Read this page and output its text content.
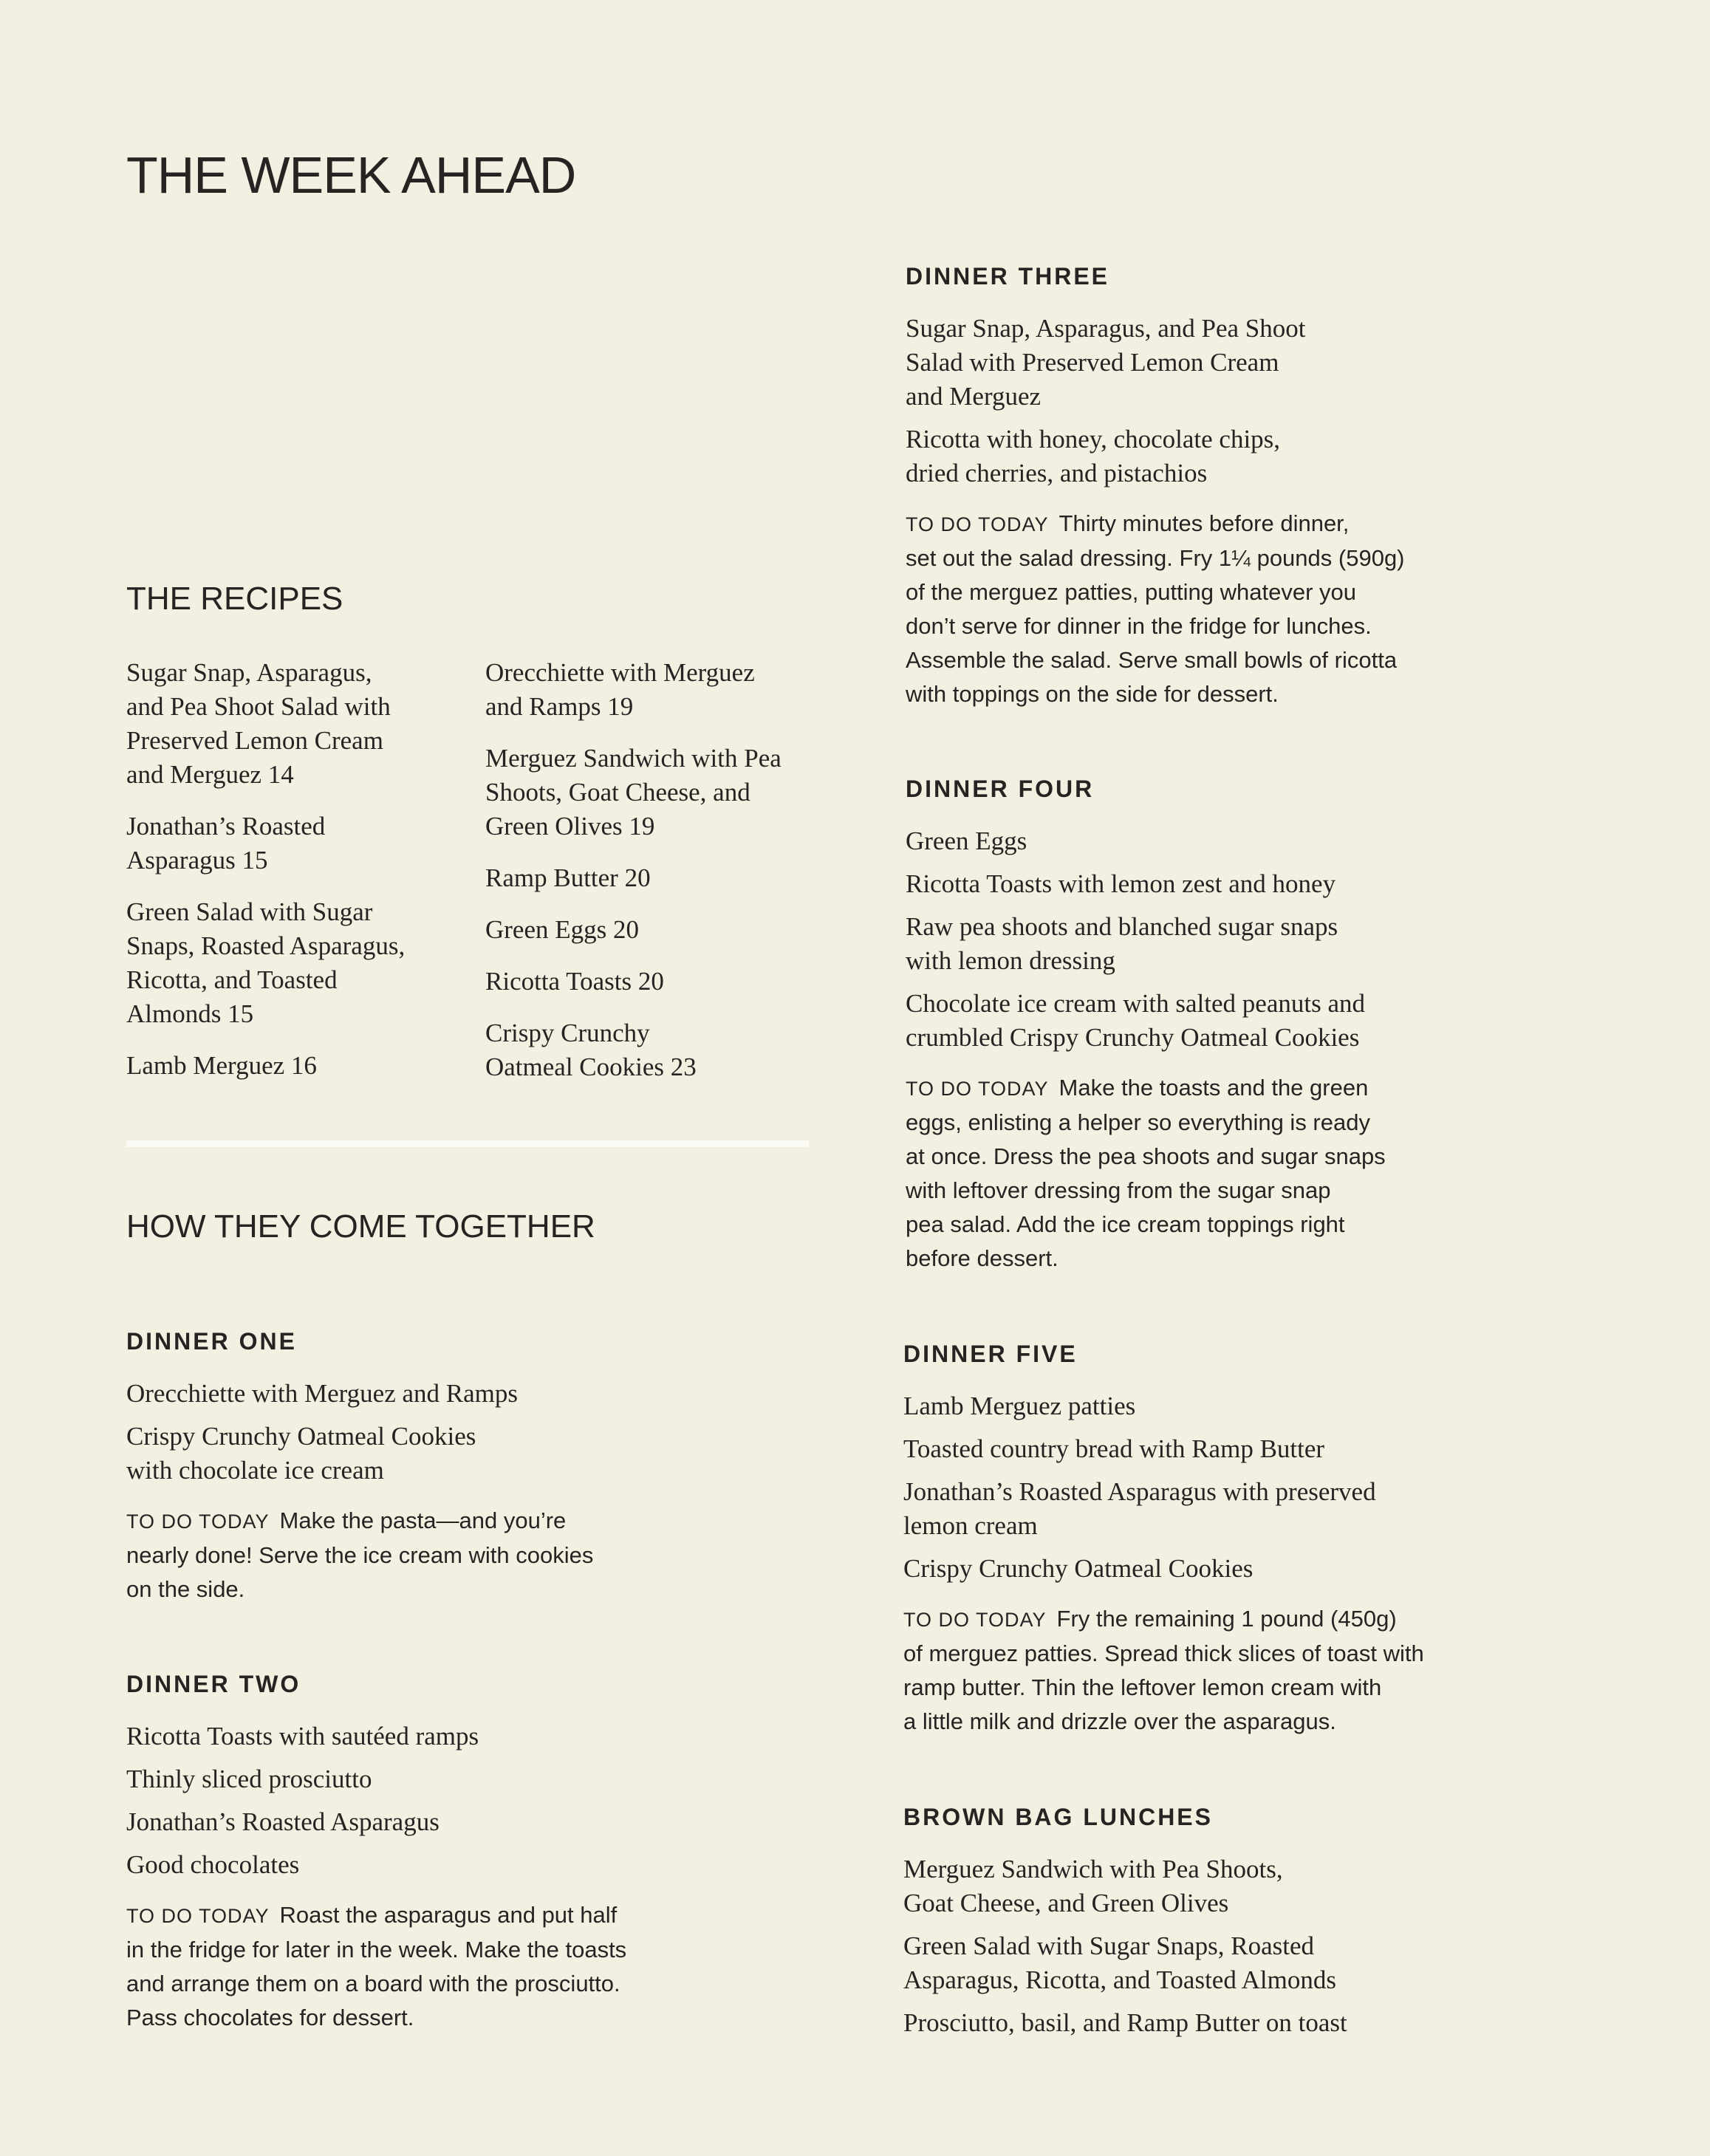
THE WEEK AHEAD
THE RECIPES
Sugar Snap, Asparagus,
and Pea Shoot Salad with
Preserved Lemon Cream
and Merguez 14
Jonathan’s Roasted
Asparagus 15
Green Salad with Sugar
Snaps, Roasted Asparagus,
Ricotta, and Toasted
Almonds 15
Lamb Merguez 16
Orecchiette with Merguez
and Ramps 19
Merguez Sandwich with Pea
Shoots, Goat Cheese, and
Green Olives 19
Ramp Butter 20
Green Eggs 20
Ricotta Toasts 20
Crispy Crunchy
Oatmeal Cookies 23
HOW THEY COME TOGETHER
DINNER ONE
Orecchiette with Merguez and Ramps
Crispy Crunchy Oatmeal Cookies
with chocolate ice cream
TO DO TODAY Make the pasta—and you’re
nearly done! Serve the ice cream with cookies
on the side.
DINNER TWO
Ricotta Toasts with sautéed ramps
Thinly sliced prosciutto
Jonathan’s Roasted Asparagus
Good chocolates
TO DO TODAY Roast the asparagus and put half
in the fridge for later in the week. Make the toasts
and arrange them on a board with the prosciutto.
Pass chocolates for dessert.
DINNER THREE
Sugar Snap, Asparagus, and Pea Shoot
Salad with Preserved Lemon Cream
and Merguez
Ricotta with honey, chocolate chips,
dried cherries, and pistachios
TO DO TODAY Thirty minutes before dinner,
set out the salad dressing. Fry 1¼ pounds (590g)
of the merguez patties, putting whatever you
don’t serve for dinner in the fridge for lunches.
Assemble the salad. Serve small bowls of ricotta
with toppings on the side for dessert.
DINNER FOUR
Green Eggs
Ricotta Toasts with lemon zest and honey
Raw pea shoots and blanched sugar snaps
with lemon dressing
Chocolate ice cream with salted peanuts and
crumbled Crispy Crunchy Oatmeal Cookies
TO DO TODAY Make the toasts and the green
eggs, enlisting a helper so everything is ready
at once. Dress the pea shoots and sugar snaps
with leftover dressing from the sugar snap
pea salad. Add the ice cream toppings right
before dessert.
DINNER FIVE
Lamb Merguez patties
Toasted country bread with Ramp Butter
Jonathan’s Roasted Asparagus with preserved
lemon cream
Crispy Crunchy Oatmeal Cookies
TO DO TODAY Fry the remaining 1 pound (450g)
of merguez patties. Spread thick slices of toast with
ramp butter. Thin the leftover lemon cream with
a little milk and drizzle over the asparagus.
BROWN BAG LUNCHES
Merguez Sandwich with Pea Shoots,
Goat Cheese, and Green Olives
Green Salad with Sugar Snaps, Roasted
Asparagus, Ricotta, and Toasted Almonds
Prosciutto, basil, and Ramp Butter on toast
